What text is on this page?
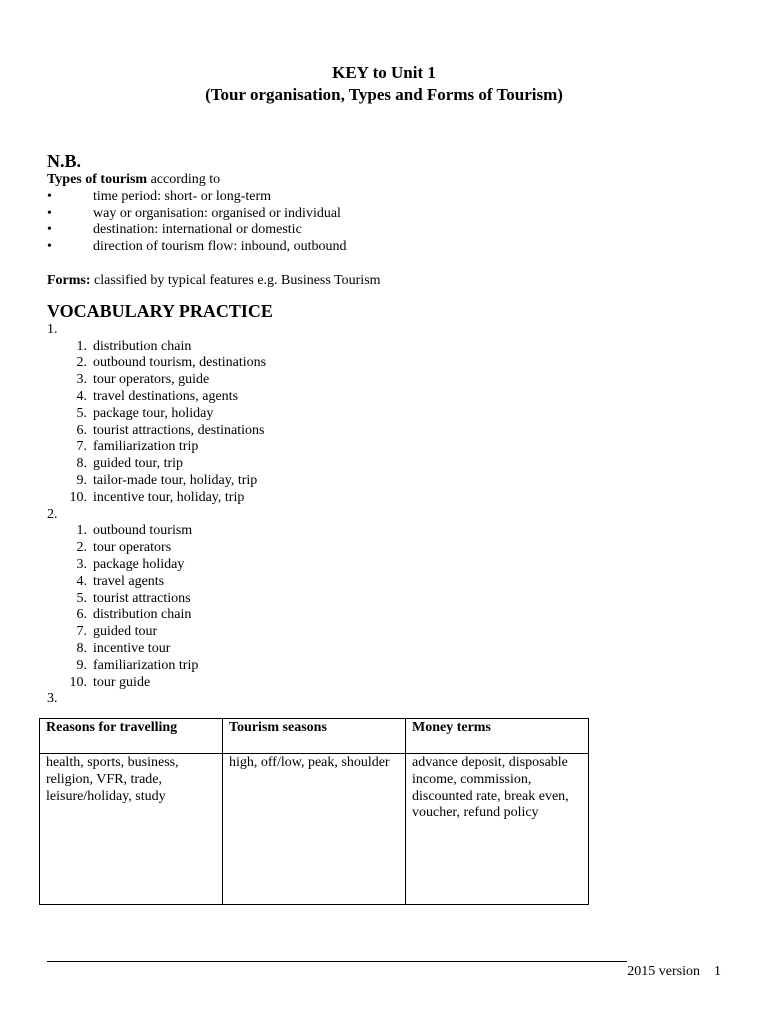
KEY to Unit 1
(Tour organisation, Types and Forms of Tourism)

N.B.

Types of tourism according to

•	time period: short- or long-term
•	way or organisation: organised or individual
•	destination: international or domestic
•	direction of tourism flow: inbound, outbound

Forms: classified by typical features e.g. Business Tourism

VOCABULARY PRACTICE

1.
1. distribution chain
2. outbound tourism, destinations
3. tour operators, guide
4. travel destinations, agents
5. package tour, holiday
6. tourist attractions, destinations
7. familiarization trip
8. guided tour, trip
9. tailor-made tour, holiday, trip
10. incentive tour, holiday, trip
2.
1. outbound tourism
2. tour operators
3. package holiday
4. travel agents
5. tourist attractions
6. distribution chain
7. guided tour
8. incentive tour
9. familiarization trip
10. tour guide
3.
Reasons for travelling	Tourism seasons	Money terms
health, sports, business, religion, VFR, trade, leisure/holiday, study	high, off/low, peak, shoulder	advance deposit, disposable income, commission, discounted rate, break even, voucher, refund policy
2015 version 1
